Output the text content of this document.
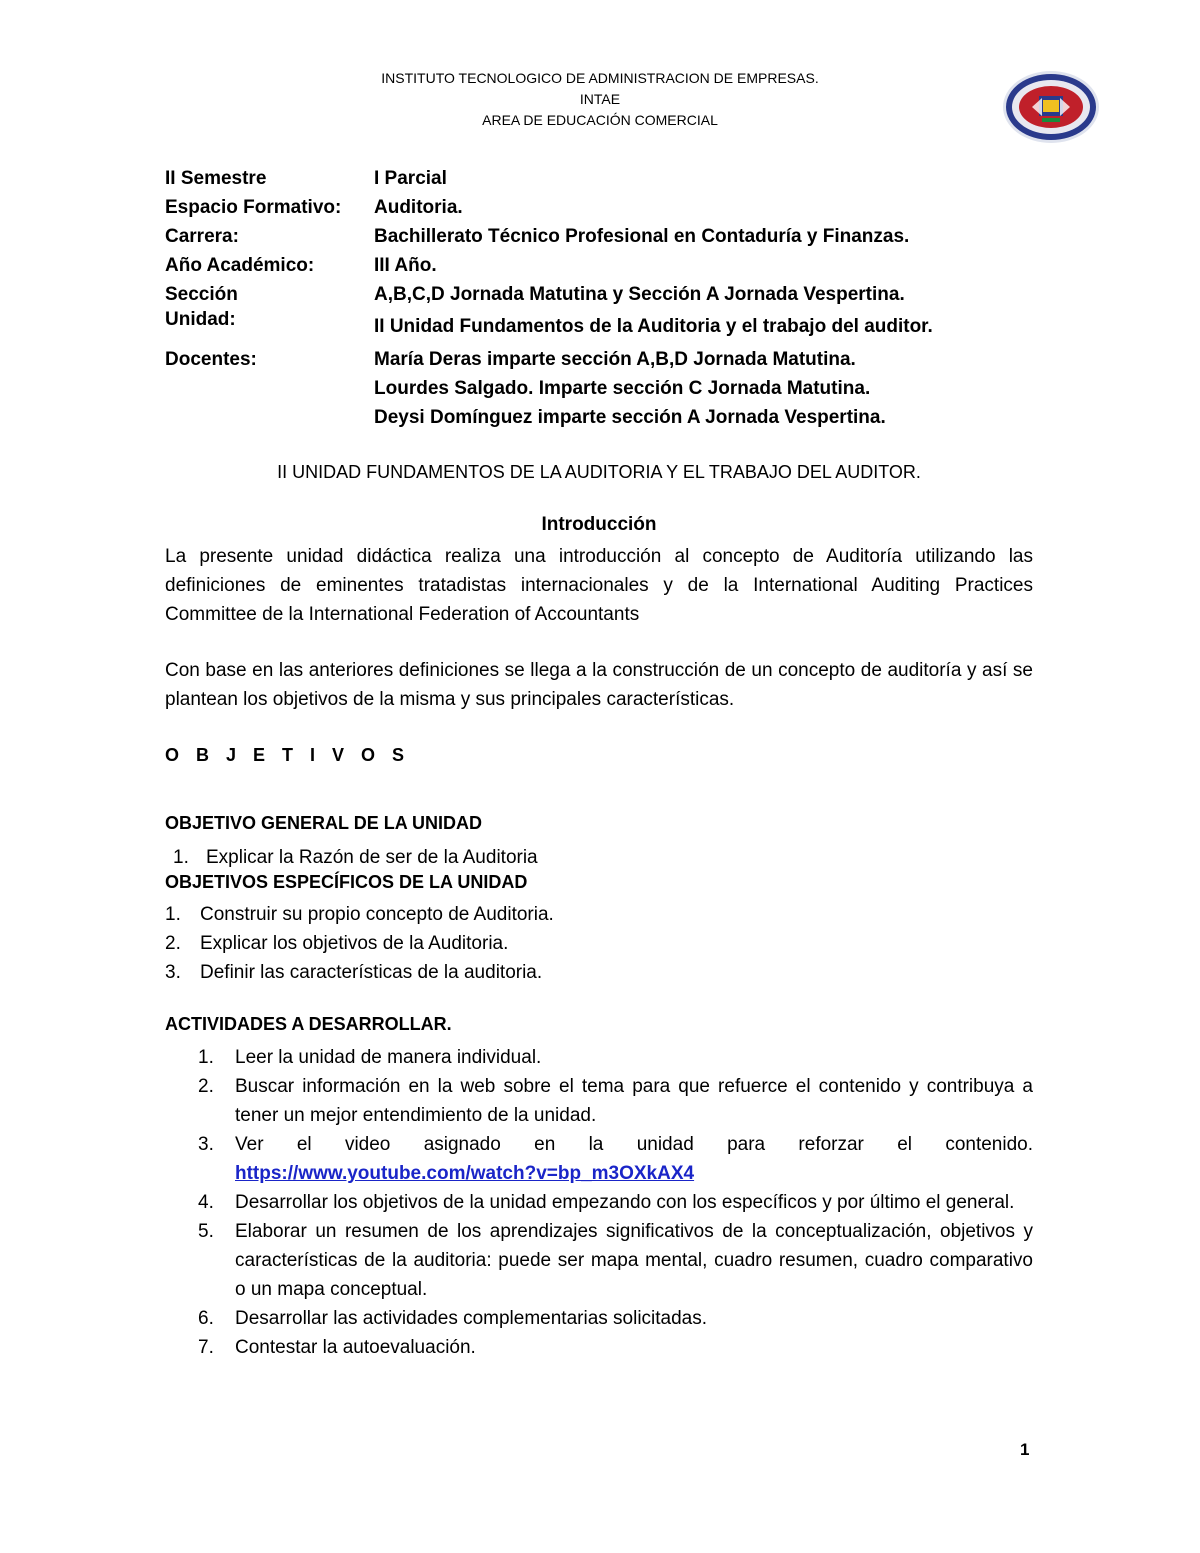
INSTITUTO TECNOLOGICO DE ADMINISTRACION DE EMPRESAS.
INTAE
AREA DE EDUCACIÓN COMERCIAL
II Semestre	I Parcial
Espacio Formativo: Auditoria.
Carrera:	Bachillerato Técnico Profesional en Contaduría y Finanzas.
Año Académico:	III Año.
Sección	A,B,C,D Jornada Matutina y Sección A Jornada Vespertina.
Unidad:	II Unidad Fundamentos de la Auditoria y el trabajo del auditor.
Docentes:	María Deras imparte sección A,B,D Jornada Matutina.
Lourdes Salgado. Imparte sección C Jornada Matutina.
Deysi Domínguez imparte sección A Jornada Vespertina.
II UNIDAD FUNDAMENTOS DE LA AUDITORIA Y EL TRABAJO DEL AUDITOR.
Introducción
La presente unidad didáctica realiza una introducción al concepto de Auditoría utilizando las definiciones de eminentes tratadistas internacionales y de la International Auditing Practices Committee de la International Federation of Accountants
Con base en las anteriores definiciones se llega a la construcción de un concepto de auditoría y así se plantean los objetivos de la misma y sus principales características.
O B J E T I V O S
OBJETIVO GENERAL DE LA UNIDAD
1. Explicar la Razón de ser de la Auditoria
OBJETIVOS ESPECÍFICOS DE LA UNIDAD
1. Construir su propio concepto de Auditoria.
2. Explicar los objetivos de la Auditoria.
3. Definir las características de la auditoria.
ACTIVIDADES A DESARROLLAR.
1. Leer la unidad de manera individual.
2. Buscar información en la web sobre el tema para que refuerce el contenido y contribuya a tener un mejor entendimiento de la unidad.
3. Ver el video asignado en la unidad para reforzar el contenido.
https://www.youtube.com/watch?v=bp_m3OXkAX4
4. Desarrollar los objetivos de la unidad empezando con los específicos y por último el general.
5. Elaborar un resumen de los aprendizajes significativos de la conceptualización, objetivos y características de la auditoria: puede ser mapa mental, cuadro resumen, cuadro comparativo o un mapa conceptual.
6. Desarrollar las actividades complementarias solicitadas.
7. Contestar la autoevaluación.
1
